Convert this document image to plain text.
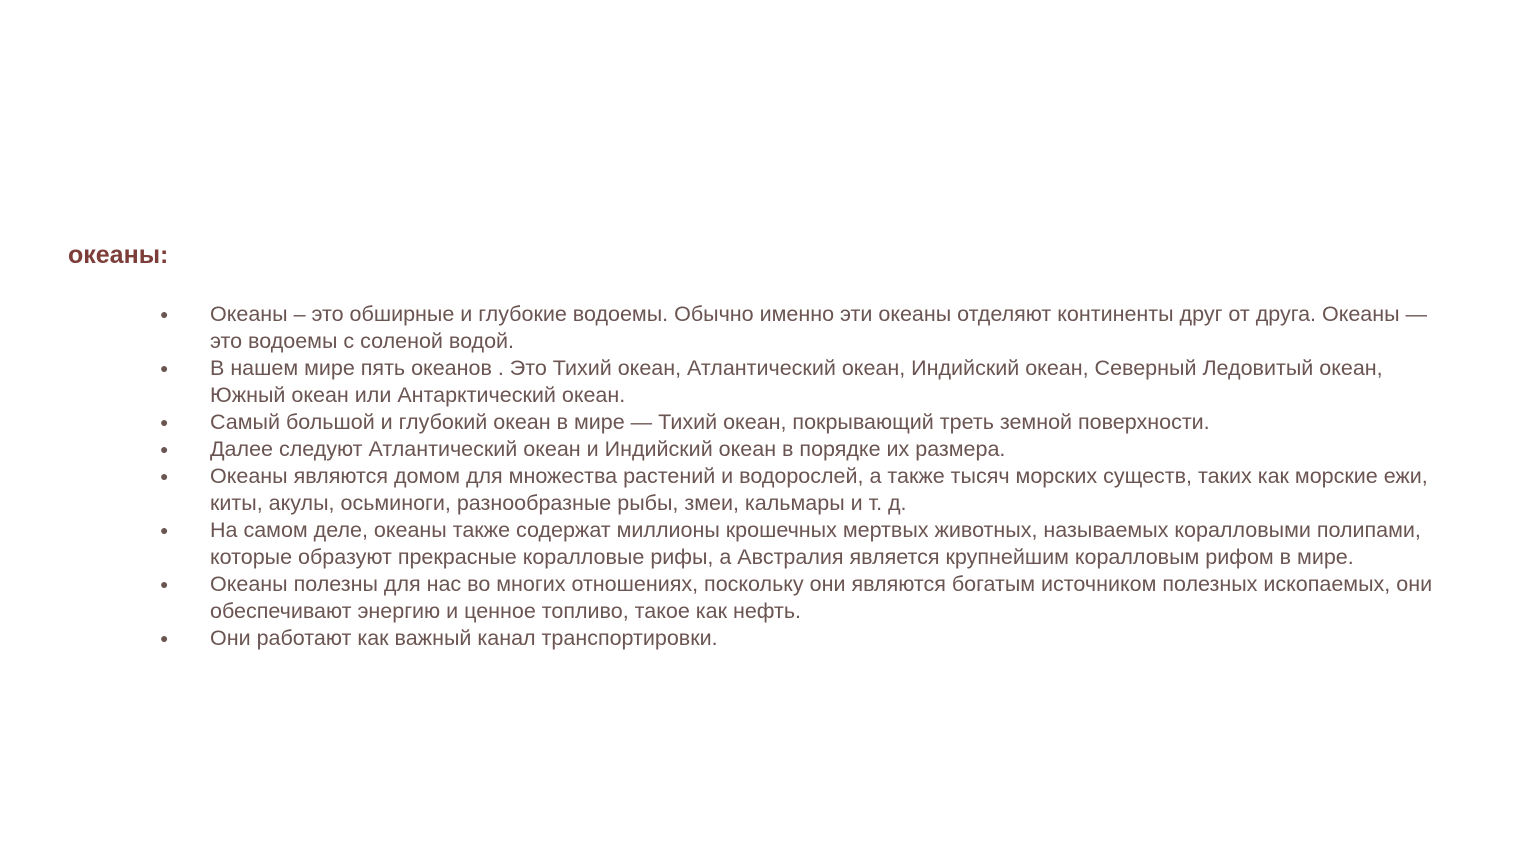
океаны:
● Океаны – это обширные и глубокие водоемы. Обычно именно эти океаны отделяют континенты друг от друга. Океаны — это водоемы с соленой водой.
● В нашем мире пять океанов . Это Тихий океан, Атлантический океан, Индийский океан, Северный Ледовитый океан, Южный океан или Антарктический океан.
● Самый большой и глубокий океан в мире — Тихий океан, покрывающий треть земной поверхности.
● Далее следуют Атлантический океан и Индийский океан в порядке их размера.
● Океаны являются домом для множества растений и водорослей, а также тысяч морских существ, таких как морские ежи, киты, акулы, осьминоги, разнообразные рыбы, змеи, кальмары и т. д.
● На самом деле, океаны также содержат миллионы крошечных мертвых животных, называемых коралловыми полипами, которые образуют прекрасные коралловые рифы, а Австралия является крупнейшим коралловым рифом в мире.
● Океаны полезны для нас во многих отношениях, поскольку они являются богатым источником полезных ископаемых, они обеспечивают энергию и ценное топливо, такое как нефть.
● Они работают как важный канал транспортировки.
